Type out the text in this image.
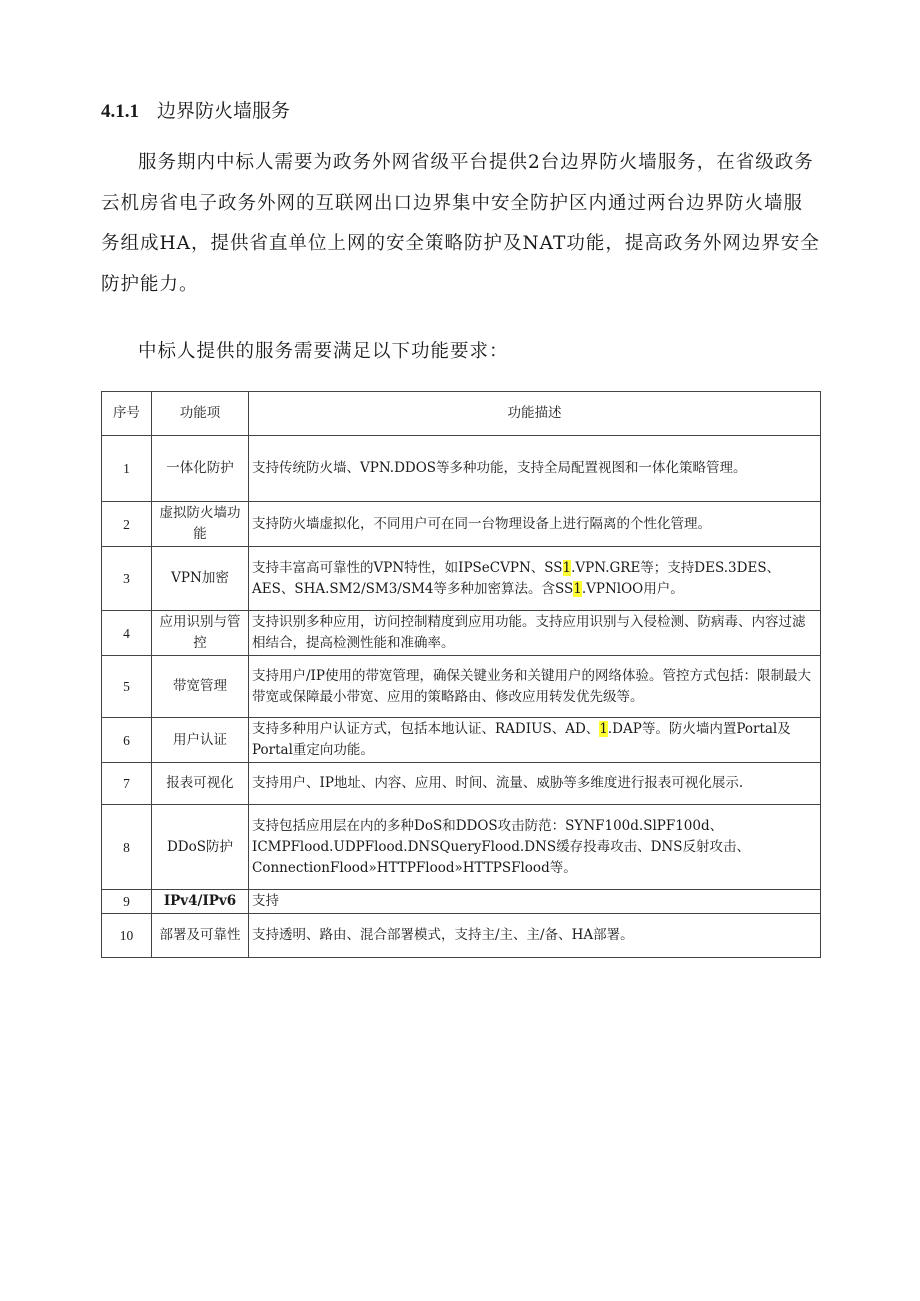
4.1.1 边界防火墙服务

服务期内中标人需要为政务外网省级平台提供2台边界防火墙服务，在省级政务云机房省电子政务外网的互联网出口边界集中安全防护区内通过两台边界防火墙服务组成HA，提供省直单位上网的安全策略防护及NAT功能，提高政务外网边界安全防护能力。

中标人提供的服务需要满足以下功能要求：

序号	功能项	功能描述
1	一体化防护	支持传统防火墙、VPN.DDOS等多种功能，支持全局配置视图和一体化策略管理。
2	虚拟防火墙功能	支持防火墙虚拟化，不同用户可在同一台物理设备上进行隔离的个性化管理。
3	VPN加密	支持丰富高可靠性的VPN特性，如IPSeCVPN、SS1.VPN.GRE等；支持DES.3DES、AES、SHA.SM2/SM3/SM4等多种加密算法。含SS1.VPNlOO用户。
4	应用识别与管控	支持识别多种应用，访问控制精度到应用功能。支持应用识别与入侵检测、防病毒、内容过滤相结合，提高检测性能和准确率。
5	带宽管理	支持用户/IP使用的带宽管理，确保关键业务和关键用户的网络体验。管控方式包括：限制最大带宽或保障最小带宽、应用的策略路由、修改应用转发优先级等。
6	用户认证	支持多种用户认证方式，包括本地认证、RADIUS、AD、1.DAP等。防火墙内置Portal及Portal重定向功能。
7	报表可视化	支持用户、IP地址、内容、应用、时间、流量、威胁等多维度进行报表可视化展示.
8	DDoS防护	支持包括应用层在内的多种DoS和DDOS攻击防范：SYNF100d.SlPF100d、ICMPFlood.UDPFlood.DNSQueryFlood.DNS缓存投毒攻击、DNS反射攻击、ConnectionFlood»HTTPFlood»HTTPSFlood等。
9	IPv4/IPv6	支持
10	部署及可靠性	支持透明、路由、混合部署模式，支持主/主、主/备、HA部署。
